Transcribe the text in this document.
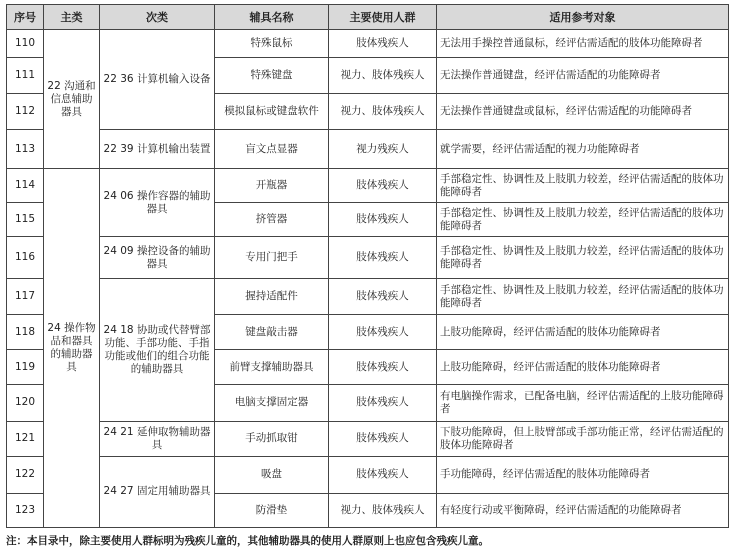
序号	主类	次类	辅具名称	主要使用人群	适用参考对象
110	22 沟通和信息辅助器具	22 36 计算机输入设备	特殊鼠标	肢体残疾人	无法用手操控普通鼠标，经评估需适配的肢体功能障碍者
111			特殊键盘	视力、肢体残疾人	无法操作普通键盘，经评估需适配的功能障碍者
112			模拟鼠标或键盘软件	视力、肢体残疾人	无法操作普通键盘或鼠标，经评估需适配的功能障碍者
113		22 39 计算机输出装置	盲文点显器	视力残疾人	就学需要，经评估需适配的视力功能障碍者
114	24 操作物品和器具的辅助器具	24 06 操作容器的辅助器具	开瓶器	肢体残疾人	手部稳定性、协调性及上肢肌力较差，经评估需适配的肢体功能障碍者
115			挤管器	肢体残疾人	手部稳定性、协调性及上肢肌力较差，经评估需适配的肢体功能障碍者
116		24 09 操控设备的辅助器具	专用门把手	肢体残疾人	手部稳定性、协调性及上肢肌力较差，经评估需适配的肢体功能障碍者
117		24 18 协助或代替臂部功能、手部功能、手指功能或他们的组合功能的辅助器具	握持适配件	肢体残疾人	手部稳定性、协调性及上肢肌力较差，经评估需适配的肢体功能障碍者
118			键盘敲击器	肢体残疾人	上肢功能障碍，经评估需适配的肢体功能障碍者
119			前臂支撑辅助器具	肢体残疾人	上肢功能障碍，经评估需适配的肢体功能障碍者
120			电脑支撑固定器	肢体残疾人	有电脑操作需求，已配备电脑，经评估需适配的上肢功能障碍者
121		24 21 延伸取物辅助器具	手动抓取钳	肢体残疾人	下肢功能障碍，但上肢臂部或手部功能正常，经评估需适配的肢体功能障碍者
122		24 27 固定用辅助器具	吸盘	肢体残疾人	手功能障碍，经评估需适配的肢体功能障碍者
123			防滑垫	视力、肢体残疾人	有轻度行动或平衡障碍，经评估需适配的功能障碍者
注：本目录中，除主要使用人群标明为残疾儿童的，其他辅助器具的使用人群原则上也应包含残疾儿童。
